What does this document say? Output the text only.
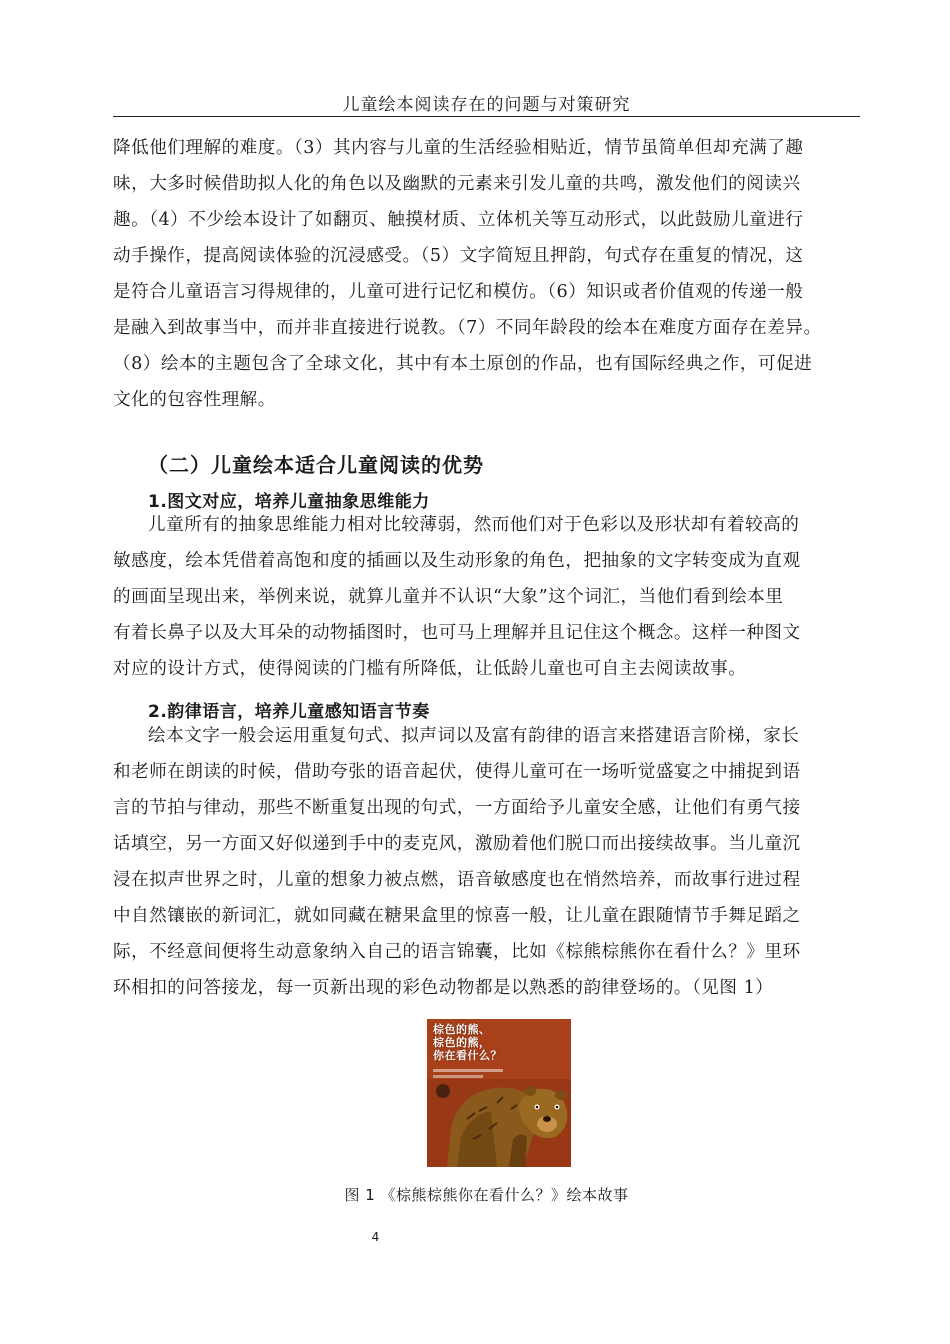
儿童绘本阅读存在的问题与对策研究

降低他们理解的难度。（3）其内容与儿童的生活经验相贴近，情节虽简单但却充满了趣

味，大多时候借助拟人化的角色以及幽默的元素来引发儿童的共鸣，激发他们的阅读兴

趣。（4）不少绘本设计了如翻页、触摸材质、立体机关等互动形式，以此鼓励儿童进行

动手操作，提高阅读体验的沉浸感受。（5）文字简短且押韵，句式存在重复的情况，这

是符合儿童语言习得规律的，儿童可进行记忆和模仿。（6）知识或者价值观的传递一般

是融入到故事当中，而并非直接进行说教。（7）不同年龄段的绘本在难度方面存在差异。

（8）绘本的主题包含了全球文化，其中有本土原创的作品，也有国际经典之作，可促进

文化的包容性理解。

（二）儿童绘本适合儿童阅读的优势
1.图文对应，培养儿童抽象思维能力

儿童所有的抽象思维能力相对比较薄弱，然而他们对于色彩以及形状却有着较高的

敏感度，绘本凭借着高饱和度的插画以及生动形象的角色，把抽象的文字转变成为直观

的画面呈现出来，举例来说，就算儿童并不认识“大象”这个词汇，当他们看到绘本里

有着长鼻子以及大耳朵的动物插图时，也可马上理解并且记住这个概念。这样一种图文

对应的设计方式，使得阅读的门槛有所降低，让低龄儿童也可自主去阅读故事。

2.韵律语言，培养儿童感知语言节奏

绘本文字一般会运用重复句式、拟声词以及富有韵律的语言来搭建语言阶梯，家长

和老师在朗读的时候，借助夸张的语音起伏，使得儿童可在一场听觉盛宴之中捕捉到语

言的节拍与律动，那些不断重复出现的句式，一方面给予儿童安全感，让他们有勇气接

话填空，另一方面又好似递到手中的麦克风，激励着他们脱口而出接续故事。当儿童沉

浸在拟声世界之时，儿童的想象力被点燃，语音敏感度也在悄然培养，而故事行进过程

中自然镶嵌的新词汇，就如同藏在糖果盒里的惊喜一般，让儿童在跟随情节手舞足蹈之

际，不经意间便将生动意象纳入自己的语言锦囊，比如《棕熊棕熊你在看什么？》里环

环相扣的问答接龙，每一页新出现的彩色动物都是以熟悉的韵律登场的。（见图 1）

棕色的熊、
棕色的熊，
你在看什么？
图 1 《棕熊棕熊你在看什么？》绘本故事
4
